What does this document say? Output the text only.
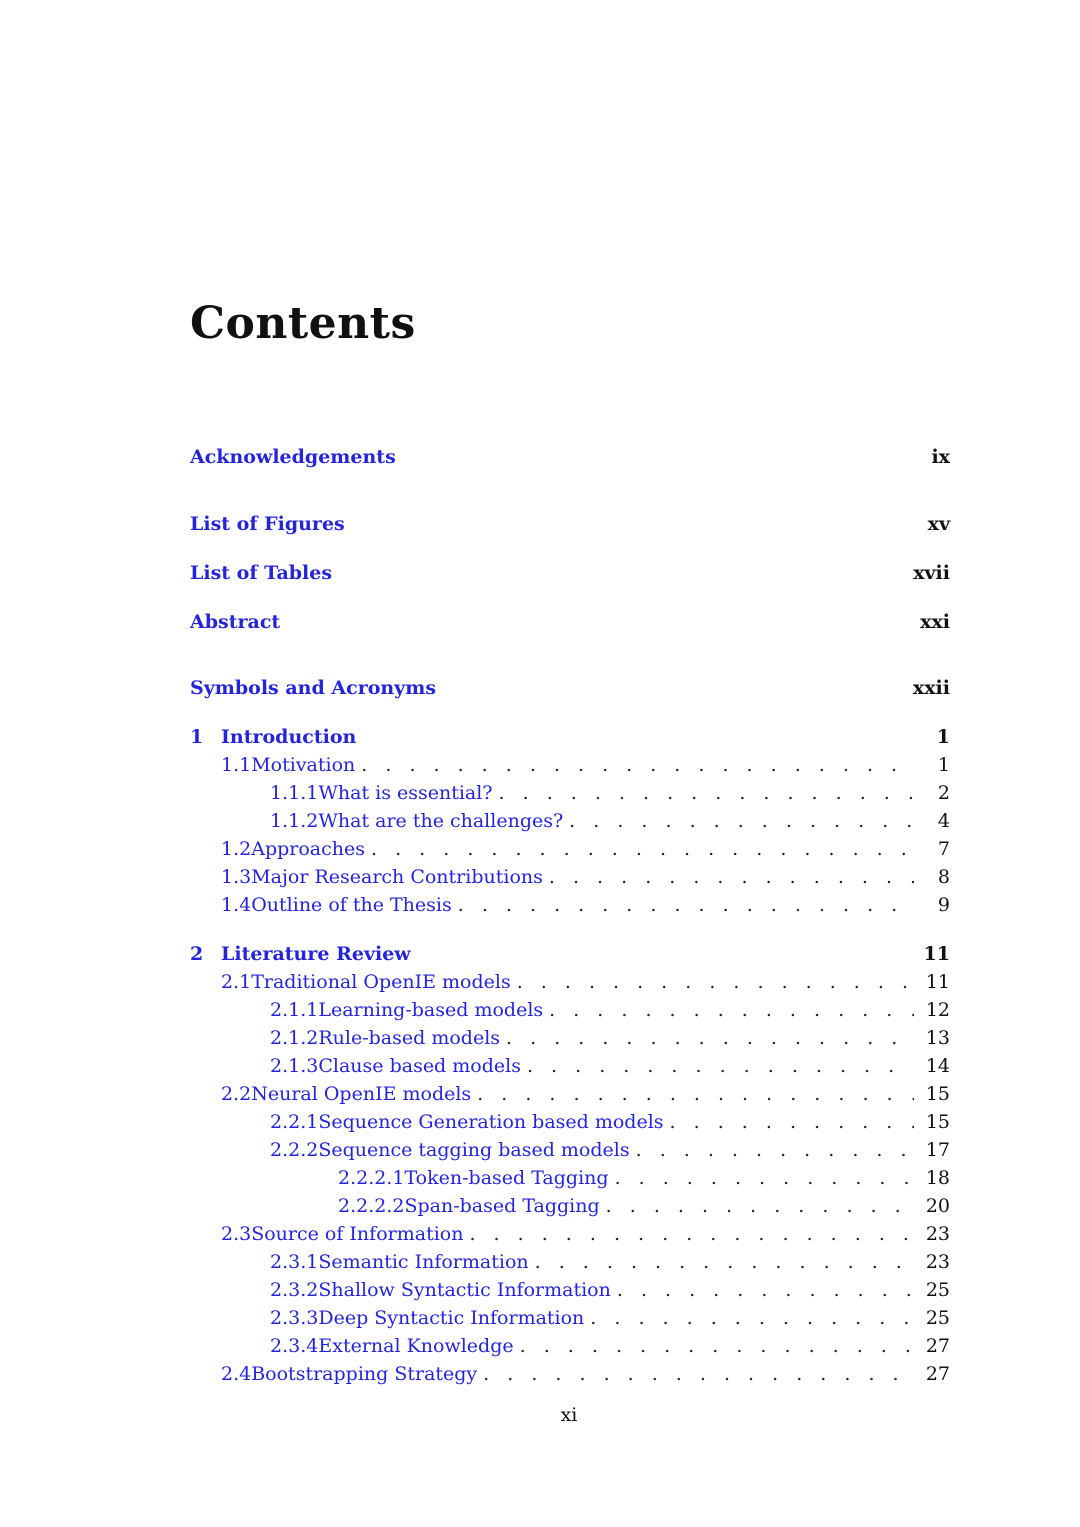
Contents
Acknowledgements	ix
List of Figures	xv
List of Tables	xvii
Abstract	xxi
Symbols and Acronyms	xxii
1 Introduction	1
1.1 Motivation . . .	1
1.1.1 What is essential? . . .	2
1.1.2 What are the challenges? . . .	4
1.2 Approaches . . .	7
1.3 Major Research Contributions . . .	8
1.4 Outline of the Thesis . . .	9
2 Literature Review	11
2.1 Traditional OpenIE models . . .	11
2.1.1 Learning-based models . . .	12
2.1.2 Rule-based models . . .	13
2.1.3 Clause based models . . .	14
2.2 Neural OpenIE models . . .	15
2.2.1 Sequence Generation based models . . .	15
2.2.2 Sequence tagging based models . . .	17
2.2.2.1 Token-based Tagging . . .	18
2.2.2.2 Span-based Tagging . . .	20
2.3 Source of Information . . .	23
2.3.1 Semantic Information . . .	23
2.3.2 Shallow Syntactic Information . . .	25
2.3.3 Deep Syntactic Information . . .	25
2.3.4 External Knowledge . . .	27
2.4 Bootstrapping Strategy . . .	27
xi
